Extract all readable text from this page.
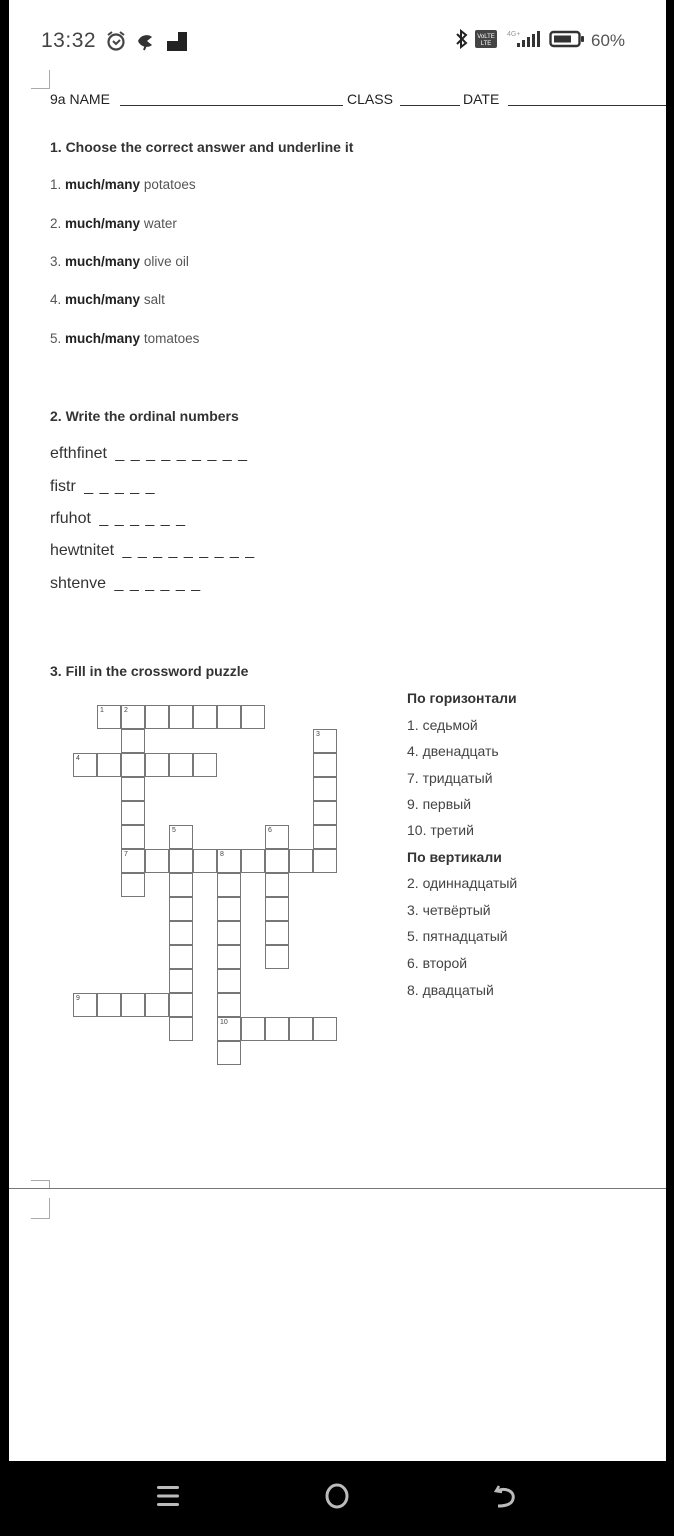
13:32	VoLTE
LTE
4G+	60%
9a NAME	CLASS	DATE
1. Choose the correct answer and underline it
1. much/many potatoes
2. much/many water
3. much/many olive oil
4. much/many salt
5. much/many tomatoes
2. Write the ordinal numbers
efthfinet _ _ _ _ _ _ _ _ _
fistr _ _ _ _ _
rfuhot _ _ _ _ _ _
hewtnitet _ _ _ _ _ _ _ _ _
shtenve _ _ _ _ _ _
3. Fill in the crossword puzzle
1	2
7
3
4
5	6
8
10
9
По горизонтали
1. седьмой
4. двенадцать
7. тридцатый
9. первый
10. третий
По вертикали
2. одиннадцатый
3. четвёртый
5. пятнадцатый
6. второй
8. двадцатый
